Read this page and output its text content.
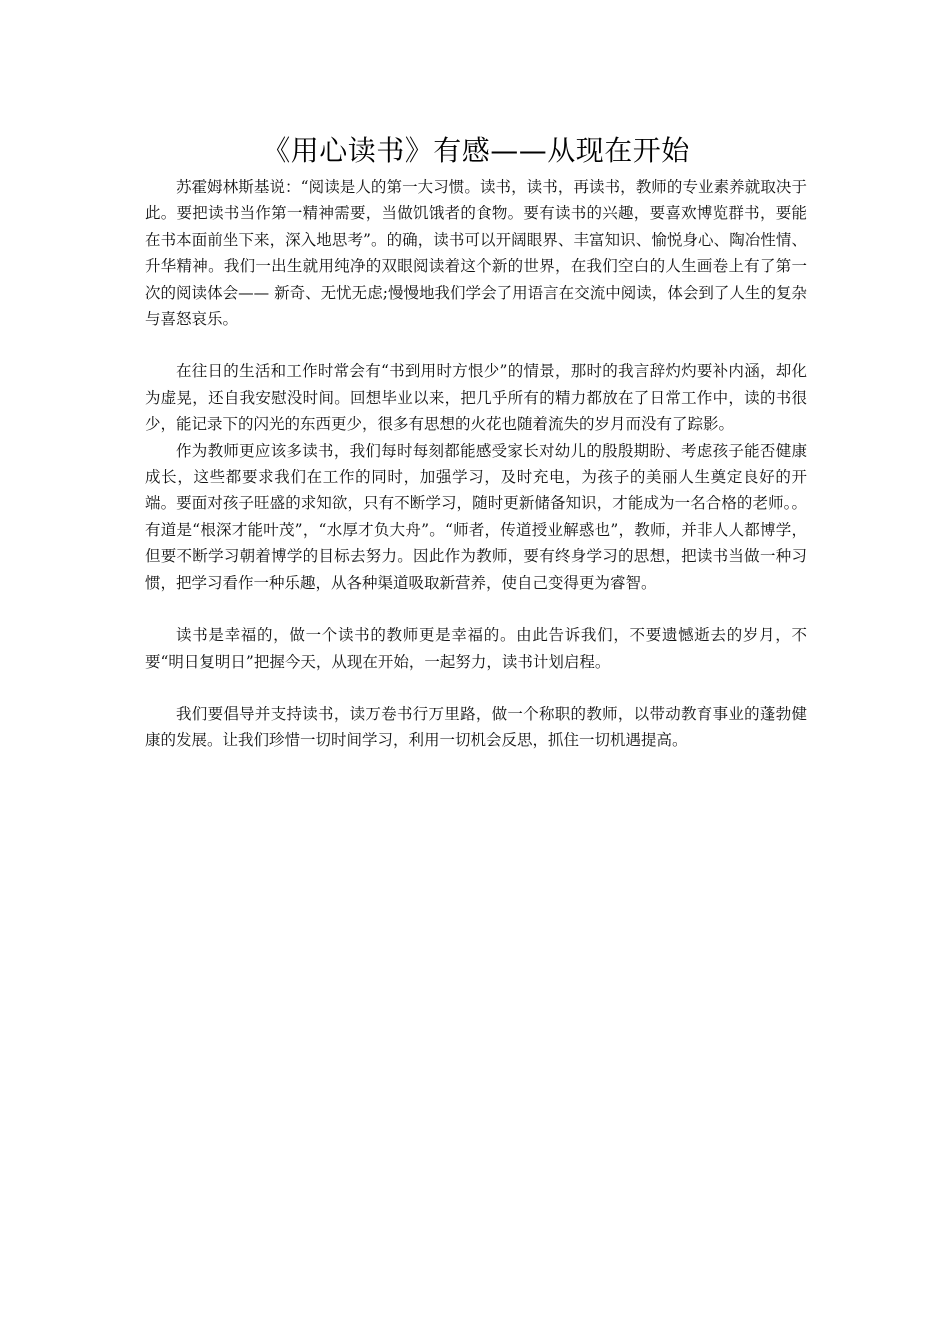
《用心读书》有感——从现在开始

苏霍姆林斯基说：“阅读是人的第一大习惯。读书，读书，再读书，教师的专业素养就取决于此。要把读书当作第一精神需要，当做饥饿者的食物。要有读书的兴趣，要喜欢博览群书，要能在书本面前坐下来，深入地思考”。的确，读书可以开阔眼界、丰富知识、愉悦身心、陶冶性情、升华精神。我们一出生就用纯净的双眼阅读着这个新的世界，在我们空白的人生画卷上有了第一次的阅读体会—— 新奇、无忧无虑;慢慢地我们学会了用语言在交流中阅读，体会到了人生的复杂与喜怒哀乐。

在往日的生活和工作时常会有“书到用时方恨少”的情景，那时的我言辞灼灼要补内涵，却化为虚晃，还自我安慰没时间。回想毕业以来，把几乎所有的精力都放在了日常工作中，读的书很少，能记录下的闪光的东西更少，很多有思想的火花也随着流失的岁月而没有了踪影。

作为教师更应该多读书，我们每时每刻都能感受家长对幼儿的殷殷期盼、考虑孩子能否健康成长，这些都要求我们在工作的同时，加强学习，及时充电，为孩子的美丽人生奠定良好的开端。要面对孩子旺盛的求知欲，只有不断学习，随时更新储备知识，才能成为一名合格的老师。。有道是“根深才能叶茂”，“水厚才负大舟”。“师者，传道授业解惑也”，教师，并非人人都博学，但要不断学习朝着博学的目标去努力。因此作为教师，要有终身学习的思想，把读书当做一种习惯，把学习看作一种乐趣，从各种渠道吸取新营养，使自己变得更为睿智。

读书是幸福的，做一个读书的教师更是幸福的。由此告诉我们，不要遗憾逝去的岁月，不要“明日复明日”把握今天，从现在开始，一起努力，读书计划启程。

我们要倡导并支持读书，读万卷书行万里路，做一个称职的教师，以带动教育事业的蓬勃健康的发展。让我们珍惜一切时间学习，利用一切机会反思，抓住一切机遇提高。
